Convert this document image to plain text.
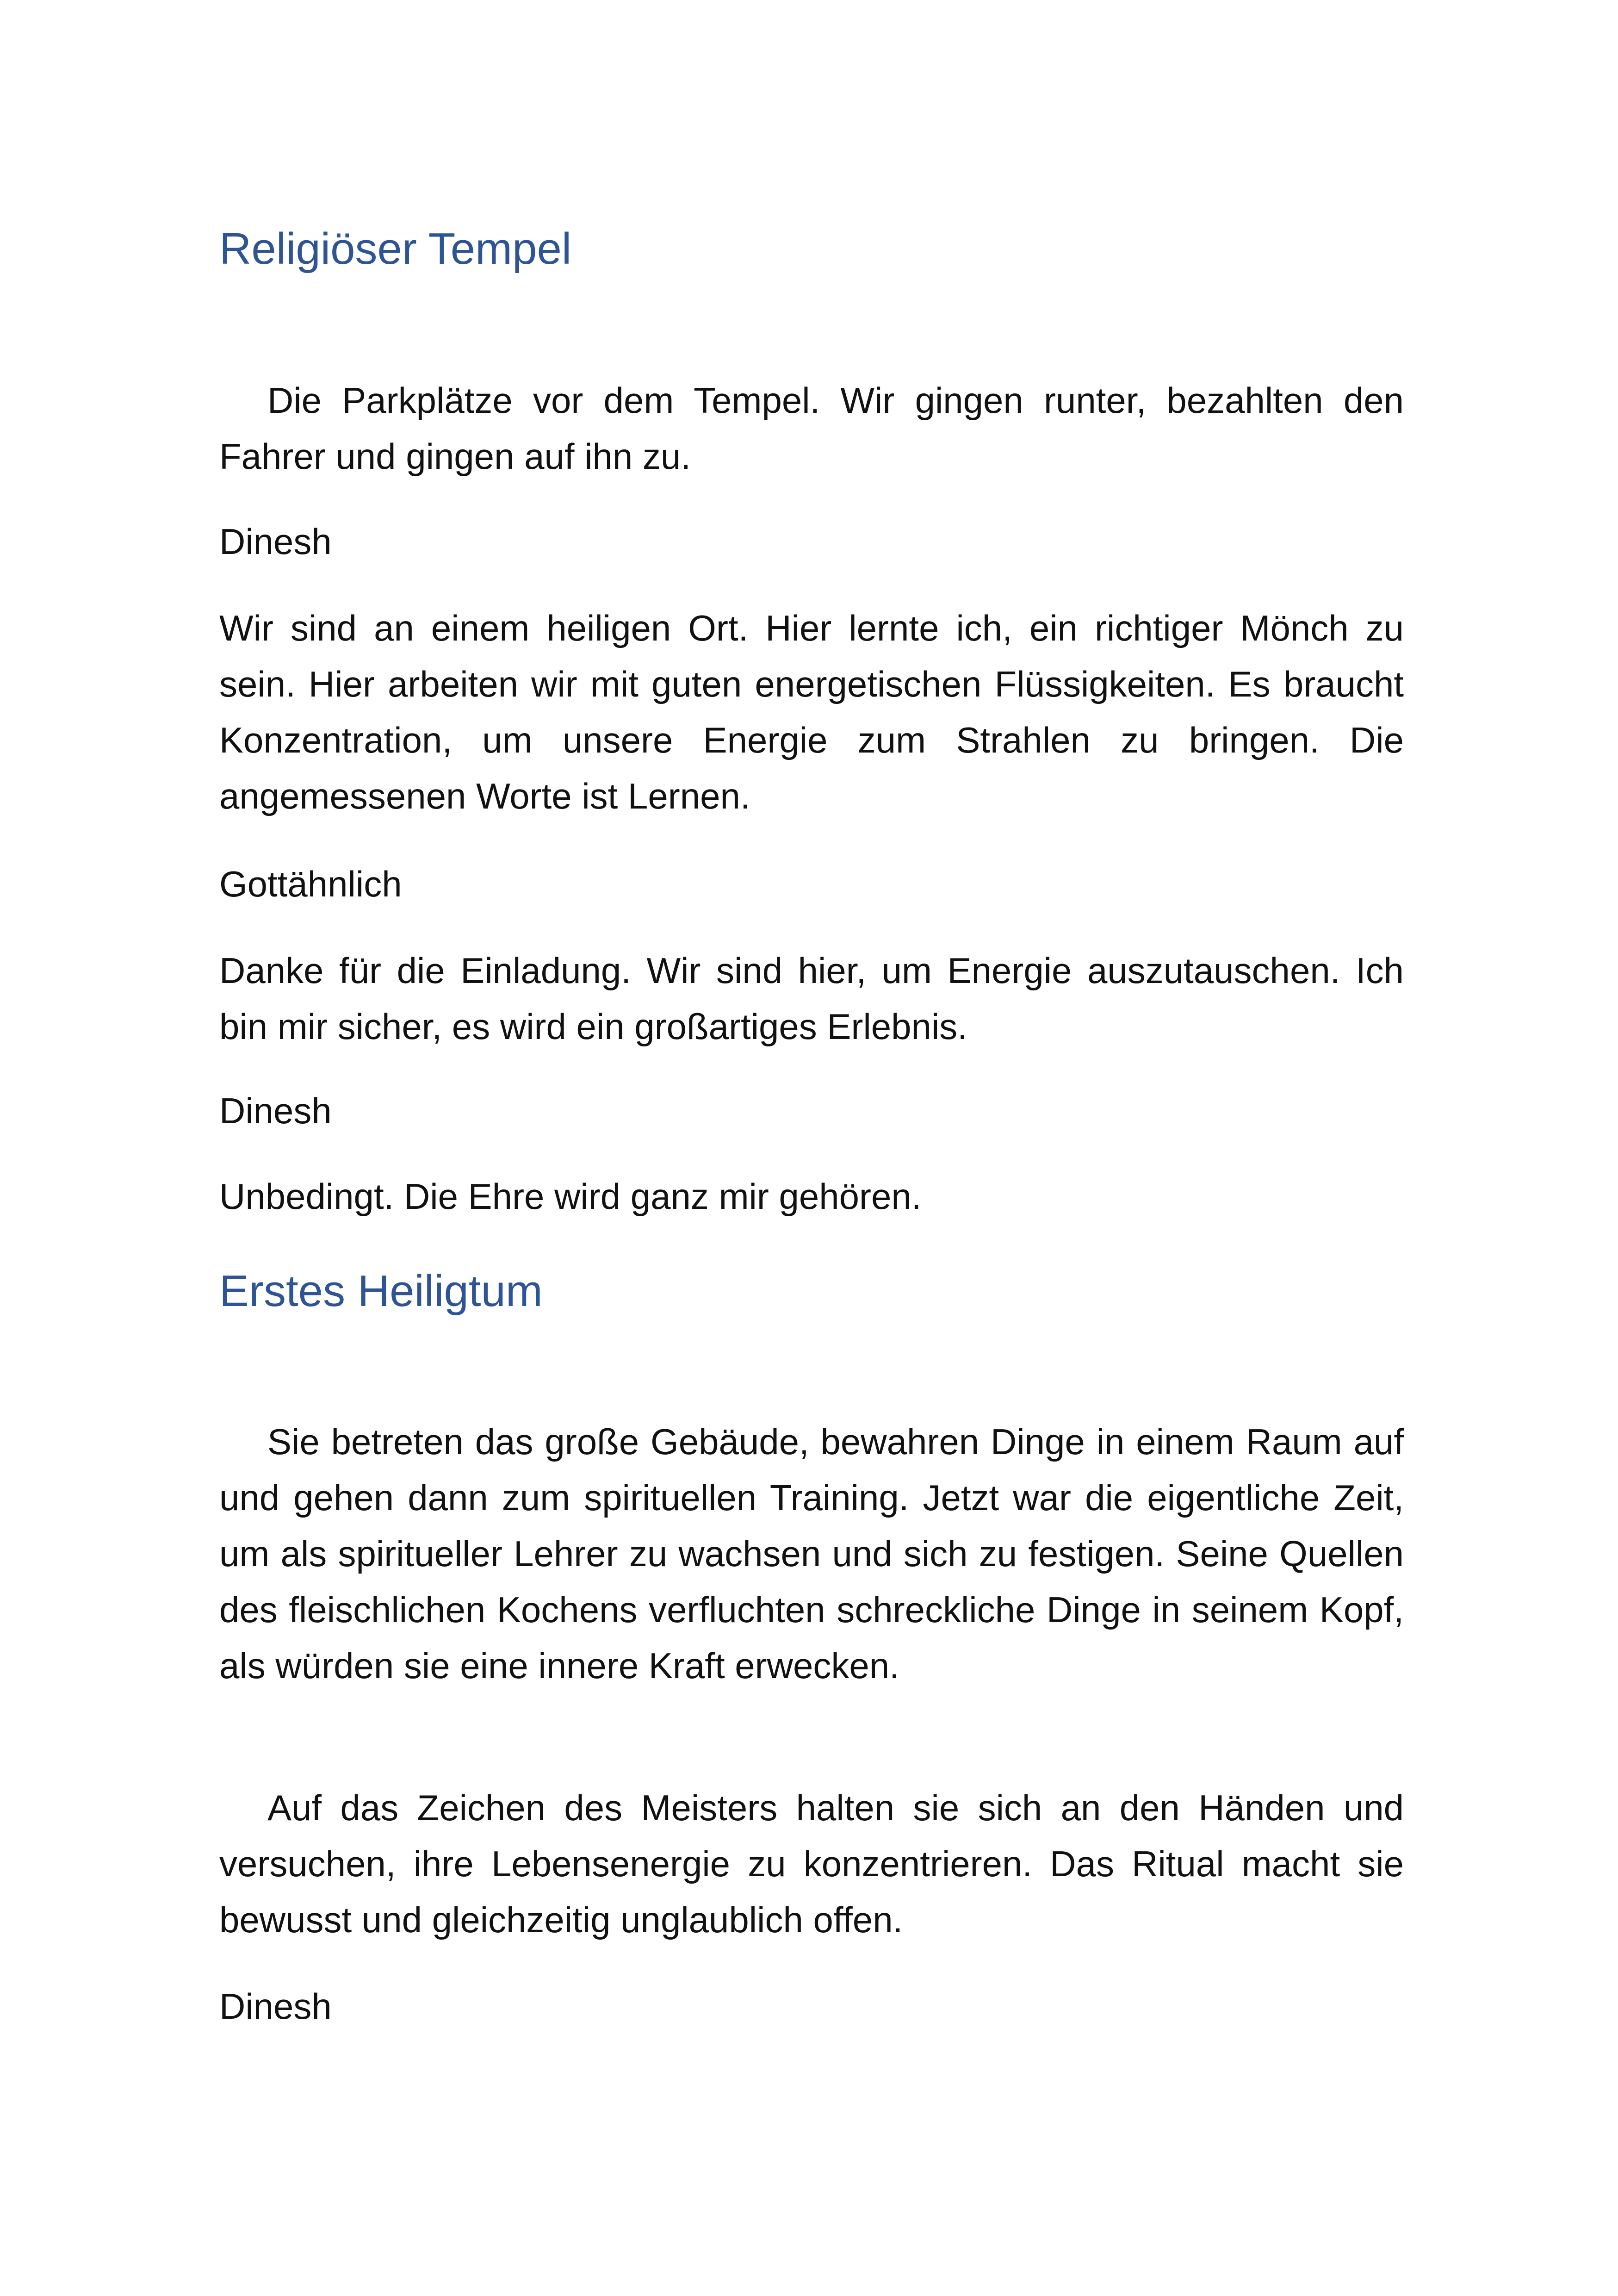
Religiöser Tempel

Die Parkplätze vor dem Tempel. Wir gingen runter, bezahlten den Fahrer und gingen auf ihn zu.

Dinesh

Wir sind an einem heiligen Ort. Hier lernte ich, ein richtiger Mönch zu sein. Hier arbeiten wir mit guten energetischen Flüssigkeiten. Es braucht Konzentration, um unsere Energie zum Strahlen zu bringen. Die angemessenen Worte ist Lernen.

Gottähnlich

Danke für die Einladung. Wir sind hier, um Energie auszutauschen. Ich bin mir sicher, es wird ein großartiges Erlebnis.

Dinesh

Unbedingt. Die Ehre wird ganz mir gehören.

Erstes Heiligtum

Sie betreten das große Gebäude, bewahren Dinge in einem Raum auf und gehen dann zum spirituellen Training. Jetzt war die eigentliche Zeit, um als spiritueller Lehrer zu wachsen und sich zu festigen. Seine Quellen des fleischlichen Kochens verfluchten schreckliche Dinge in seinem Kopf, als würden sie eine innere Kraft erwecken.

Auf das Zeichen des Meisters halten sie sich an den Händen und versuchen, ihre Lebensenergie zu konzentrieren. Das Ritual macht sie bewusst und gleichzeitig unglaublich offen.

Dinesh
